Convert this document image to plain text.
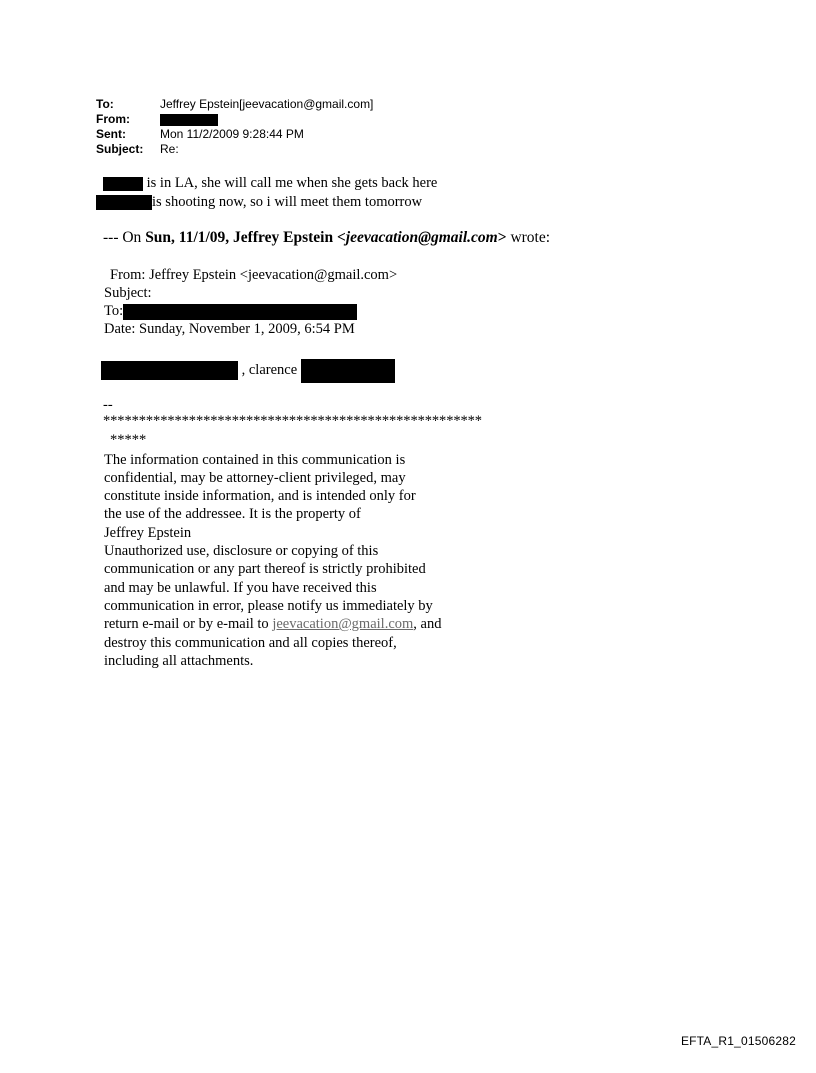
To:	Jeffrey Epstein[jeevacation@gmail.com]
From:
Sent:	Mon 11/2/2009 9:28:44 PM
Subject: Re:
is in LA, she will call me when she gets back here
is shooting now, so i will meet them tomorrow
--- On Sun, 11/1/09, Jeffrey Epstein <jeevacation@gmail.com> wrote:
From: Jeffrey Epstein <jeevacation@gmail.com>
Subject:
To:
Date: Sunday, November 1, 2009, 6:54 PM
, clarence
--
*****************************************************
*****
The information contained in this communication is
confidential, may be attorney-client privileged, may
constitute inside information, and is intended only for
the use of the addressee. It is the property of
Jeffrey Epstein
Unauthorized use, disclosure or copying of this
communication or any part thereof is strictly prohibited
and may be unlawful. If you have received this
communication in error, please notify us immediately by
return e-mail or by e-mail to jeevacation@gmail.com, and
destroy this communication and all copies thereof,
including all attachments.
EFTA_R1_01506282
